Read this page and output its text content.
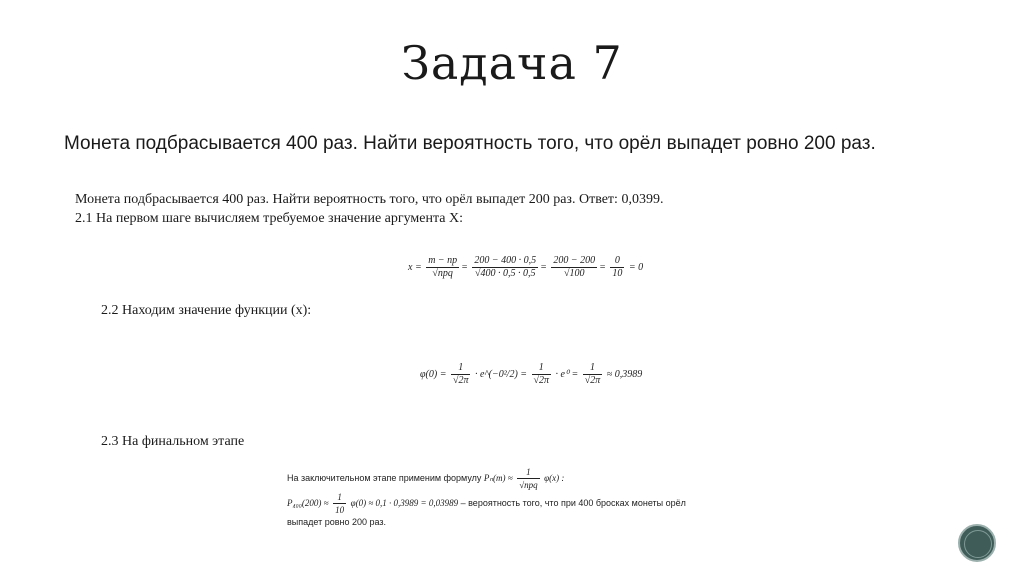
Задача 7
Монета подбрасывается 400 раз. Найти вероятность того, что орёл выпадет ровно 200 раз.
Монета подбрасывается 400 раз. Найти вероятность того, что орёл выпадет 200 раз. Ответ: 0,0399.
2.1 На первом шаге вычисляем требуемое значение аргумента X:
$x = \frac{m - np}{\text{√npq}} = \frac{200 - 400 \cdot 0,5}{√400 \cdot 0,5 \cdot 0,5} = \frac{200 - 200}{√100} = \frac{0}{10} = 0$
2.2 Находим значение функции (x):
$\varphi(0) = \frac{1}{√2\pi}$ · e^(−0²/2) = $\frac{1}{√2\pi} \cdot e^0 = \frac{1}{√2\pi} \approx 0,3989$
2.3 На финальном этапе
На заключительном этапе применим формулу $P_n(m) \approx \frac{1}{\text{√npq}} \varphi(x)$ :
$P_{400}(200) \approx \frac{1}{10} \varphi(0) \approx 0,1 \cdot 0,3989 = 0,03989$ – вероятность того, что при 400 бросках монеты орёл
выпадет ровно 200 раз.
